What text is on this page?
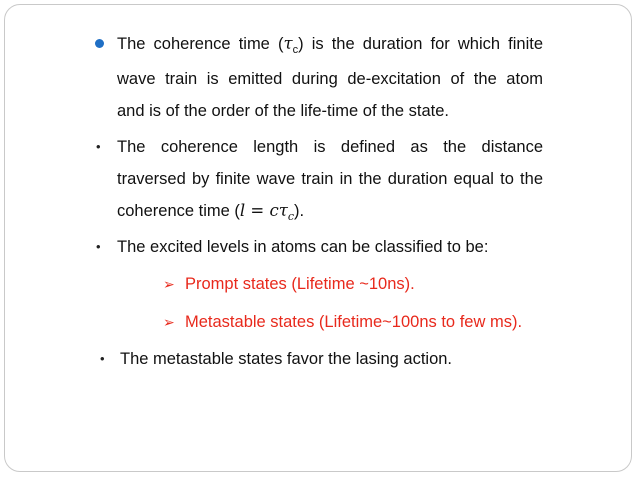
The coherence time $(\tau_c)$ is the duration for which finite
wave train is emitted during de-excitation of the atom
and is of the order of the life-time of the state.
• The coherence length is defined as the distance
traversed by finite wave train in the duration equal to the
coherence time $(l = c\tau_c)$.
• The excited levels in atoms can be classified to be:
➢ Prompt states (Lifetime ~10ns).
➢ Metastable states (Lifetime~100ns to few ms).
• The metastable states favor the lasing action.
